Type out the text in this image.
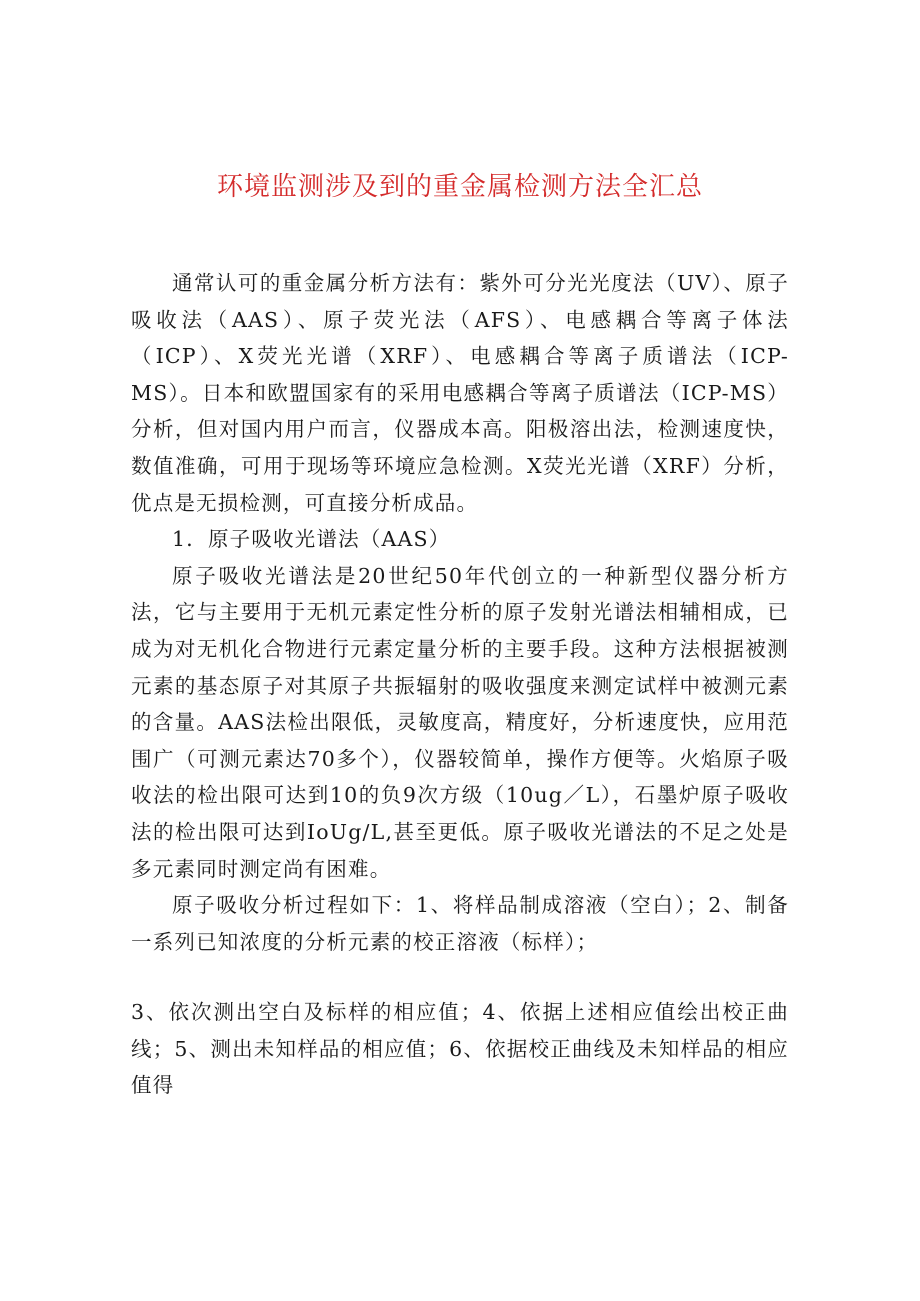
环境监测涉及到的重金属检测方法全汇总

通常认可的重金属分析方法有：紫外可分光光度法（UV）、原子吸收法（AAS）、原子荧光法（AFS）、电感耦合等离子体法（ICP）、X荧光光谱（XRF）、电感耦合等离子质谱法（ICP-MS）。日本和欧盟国家有的采用电感耦合等离子质谱法（ICP-MS）分析，但对国内用户而言，仪器成本高。阳极溶出法，检测速度快，数值准确，可用于现场等环境应急检测。X荧光光谱（XRF）分析，优点是无损检测，可直接分析成品。

1．原子吸收光谱法（AAS）

原子吸收光谱法是20世纪50年代创立的一种新型仪器分析方法，它与主要用于无机元素定性分析的原子发射光谱法相辅相成，已成为对无机化合物进行元素定量分析的主要手段。这种方法根据被测元素的基态原子对其原子共振辐射的吸收强度来测定试样中被测元素的含量。AAS法检出限低，灵敏度高，精度好，分析速度快，应用范围广（可测元素达70多个），仪器较简单，操作方便等。火焰原子吸收法的检出限可达到10的负9次方级（10ug／L），石墨炉原子吸收法的检出限可达到IoUg/L,甚至更低。原子吸收光谱法的不足之处是多元素同时测定尚有困难。

原子吸收分析过程如下：1、将样品制成溶液（空白）；2、制备一系列已知浓度的分析元素的校正溶液（标样）；

3、依次测出空白及标样的相应值；4、依据上述相应值绘出校正曲线；5、测出未知样品的相应值；6、依据校正曲线及未知样品的相应值得
